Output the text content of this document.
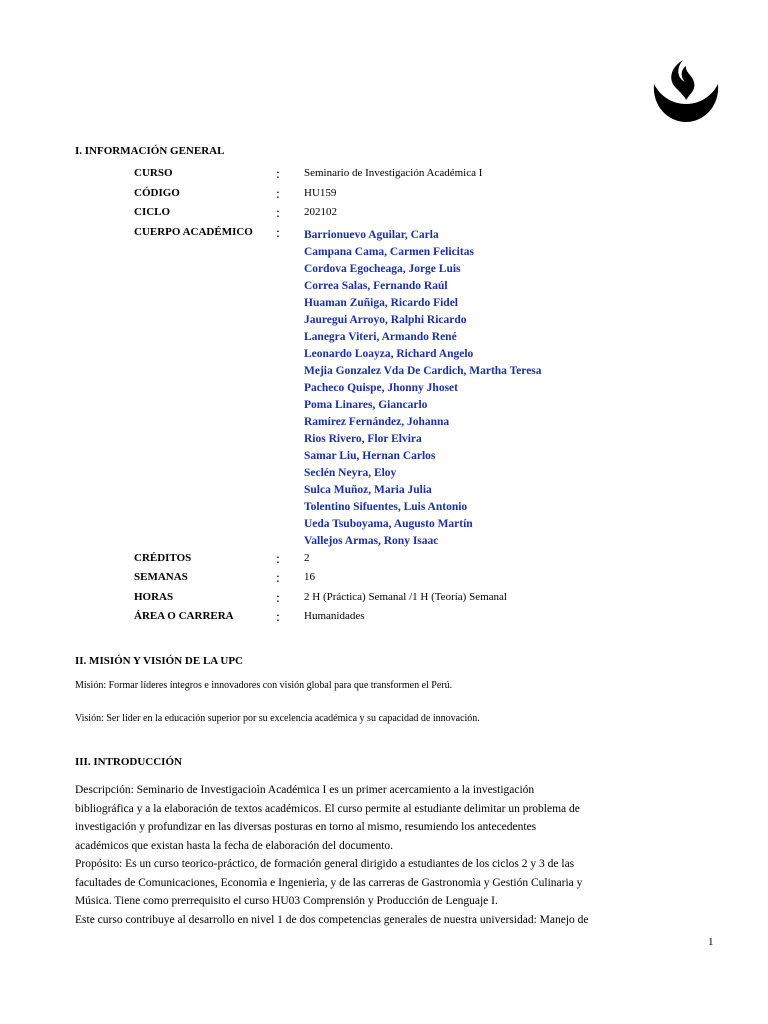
I. INFORMACIÓN GENERAL
CURSO	: Seminario de Investigación Académica I
CÓDIGO	: HU159
CICLO	: 202102
CUERPO ACADÉMICO : Barrionuevo Aguilar, Carla
Campana Cama, Carmen Felicitas
Cordova Egocheaga, Jorge Luis
Correa Salas, Fernando Raúl
Huaman Zuñiga, Ricardo Fidel
Jauregui Arroyo, Ralphi Ricardo
Lanegra Viteri, Armando René
Leonardo Loayza, Richard Angelo
Mejia Gonzalez Vda De Cardich, Martha Teresa
Pacheco Quispe, Jhonny Jhoset
Poma Linares, Giancarlo
Ramírez Fernández, Johanna
Rios Rivero, Flor Elvira
Samar Liu, Hernan Carlos
Seclén Neyra, Eloy
Sulca Muñoz, Maria Julia
Tolentino Sifuentes, Luis Antonio
Ueda Tsuboyama, Augusto Martín
Vallejos Armas, Rony Isaac
CRÉDITOS	: 2
SEMANAS	: 16
HORAS	: 2 H (Práctica) Semanal /1 H (Teoría) Semanal
ÁREA O CARRERA	: Humanidades
II. MISIÓN Y VISIÓN DE LA UPC
Misión: Formar líderes íntegros e innovadores con visión global para que transformen el Perú.
Visión: Ser líder en la educación superior por su excelencia académica y su capacidad de innovación.
III. INTRODUCCIÓN

Descripción: Seminario de Investigacioìn Académica I es un primer acercamiento a la investigación

bibliográfica y a la elaboración de textos académicos. El curso permite al estudiante delimitar un problema de

investigación y profundizar en las diversas posturas en torno al mismo, resumiendo los antecedentes

académicos que existan hasta la fecha de elaboración del documento.

Propósito: Es un curso teorico-práctico, de formación general dirigido a estudiantes de los ciclos 2 y 3 de las

facultades de Comunicaciones, Economìa e Ingenierìa, y de las carreras de Gastronomìa y Gestión Culinaria y

Música. Tiene como prerrequisito el curso HU03 Comprensión y Producción de Lenguaje I.

Este curso contribuye al desarrollo en nivel 1 de dos competencias generales de nuestra universidad: Manejo de

1
